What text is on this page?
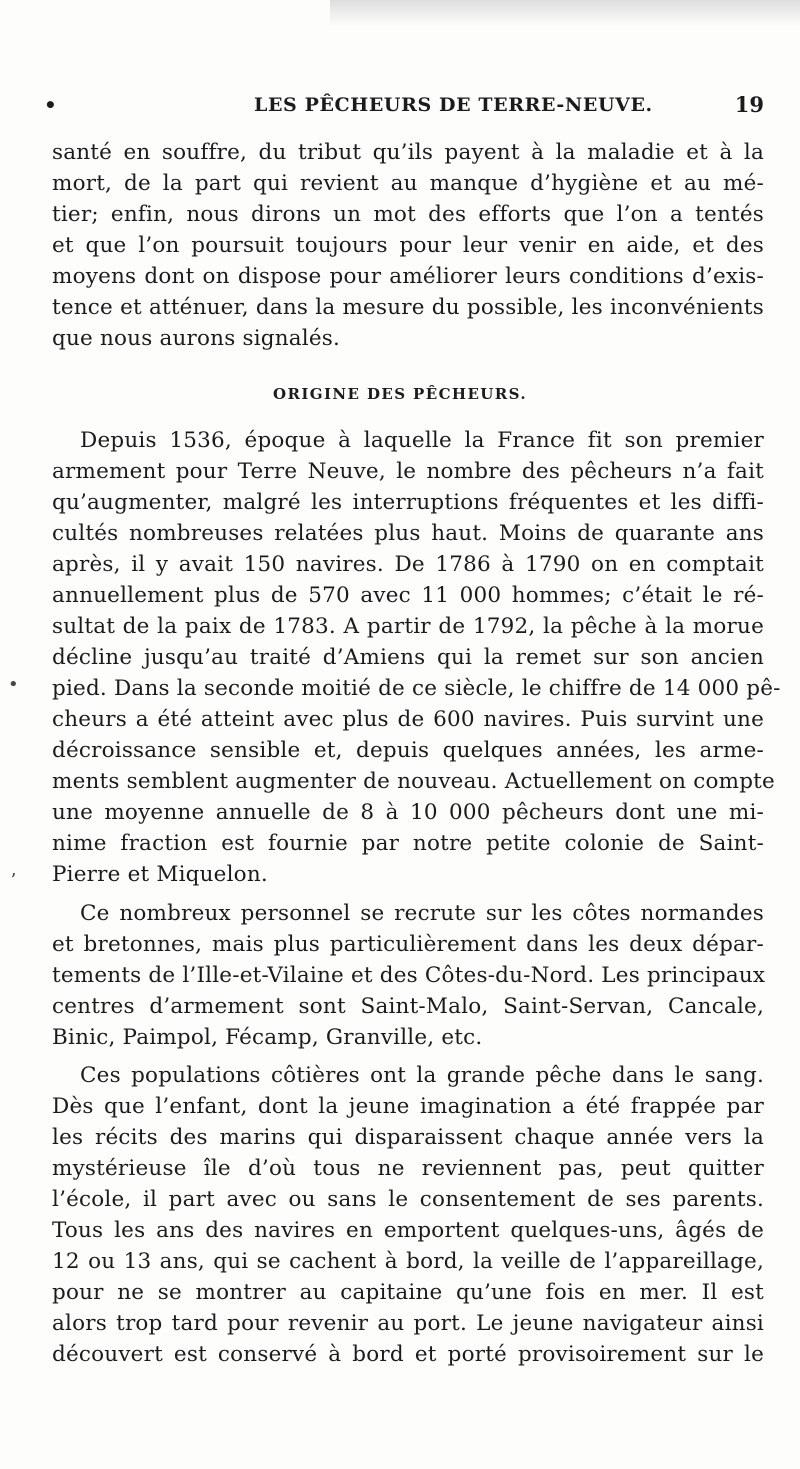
•	LES PÊCHEURS DE TERRE-NEUVE.	19
santé en souffre, du tribut qu’ils payent à la maladie et à la
mort, de la part qui revient au manque d’hygiène et au mé-
tier; enfin, nous dirons un mot des efforts que l’on a tentés
et que l’on poursuit toujours pour leur venir en aide, et des
moyens dont on dispose pour améliorer leurs conditions d’exis-
tence et atténuer, dans la mesure du possible, les inconvénients
que nous aurons signalés.
ORIGINE DES PÊCHEURS.
Depuis 1536, époque à laquelle la France fit son premier
armement pour Terre Neuve, le nombre des pêcheurs n’a fait
qu’augmenter, malgré les interruptions fréquentes et les diffi-
cultés nombreuses relatées plus haut. Moins de quarante ans
après, il y avait 150 navires. De 1786 à 1790 on en comptait
annuellement plus de 570 avec 11 000 hommes; c’était le ré-
sultat de la paix de 1783. A partir de 1792, la pêche à la morue
décline jusqu’au traité d’Amiens qui la remet sur son ancien
pied. Dans la seconde moitié de ce siècle, le chiffre de 14 000 pê-
cheurs a été atteint avec plus de 600 navires. Puis survint une
décroissance sensible et, depuis quelques années, les arme-
ments semblent augmenter de nouveau. Actuellement on compte
une moyenne annuelle de 8 à 10 000 pêcheurs dont une mi-
nime fraction est fournie par notre petite colonie de Saint-
Pierre et Miquelon.
Ce nombreux personnel se recrute sur les côtes normandes
et bretonnes, mais plus particulièrement dans les deux dépar-
tements de l’Ille-et-Vilaine et des Côtes-du-Nord. Les principaux
centres d’armement sont Saint-Malo, Saint-Servan, Cancale,
Binic, Paimpol, Fécamp, Granville, etc.
Ces populations côtières ont la grande pêche dans le sang.
Dès que l’enfant, dont la jeune imagination a été frappée par
les récits des marins qui disparaissent chaque année vers la
mystérieuse île d’où tous ne reviennent pas, peut quitter
l’école, il part avec ou sans le consentement de ses parents.
Tous les ans des navires en emportent quelques-uns, âgés de
12 ou 13 ans, qui se cachent à bord, la veille de l’appareillage,
pour ne se montrer au capitaine qu’une fois en mer. Il est
alors trop tard pour revenir au port. Le jeune navigateur ainsi
découvert est conservé à bord et porté provisoirement sur le
•
ʼ
